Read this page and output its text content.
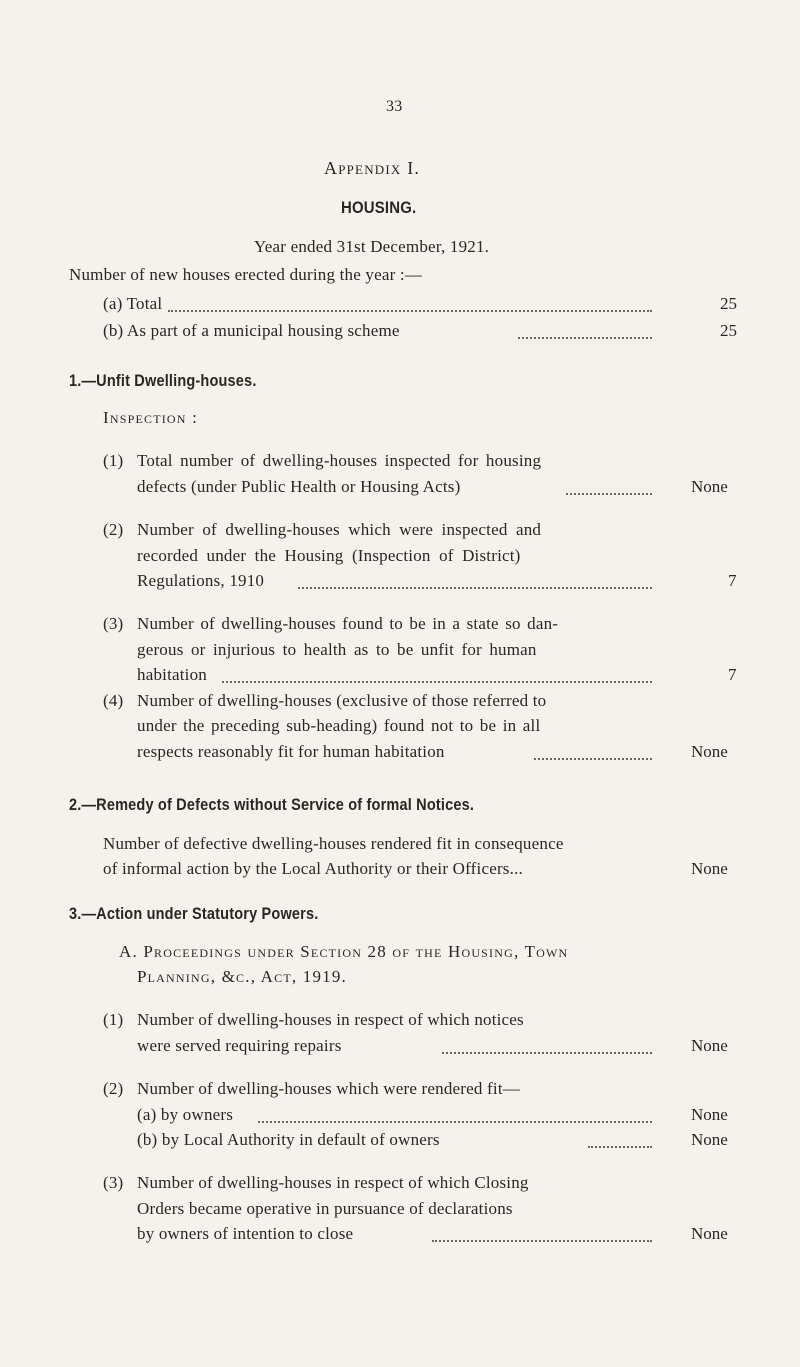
33
Appendix I.
HOUSING.
Year ended 31st December, 1921.
Number of new houses erected during the year :—
(a) Total	25
(b) As part of a municipal housing scheme	25
1.—Unfit Dwelling-houses.
Inspection :
(1) Total number of dwelling-houses inspected for housing
defects (under Public Health or Housing Acts)	None
(2) Number of dwelling-houses which were inspected and
recorded under the Housing (Inspection of District)
Regulations, 1910	7
(3) Number of dwelling-houses found to be in a state so dan-
gerous or injurious to health as to be unfit for human
habitation	7
(4) Number of dwelling-houses (exclusive of those referred to
under the preceding sub-heading) found not to be in all
respects reasonably fit for human habitation	None
2.—Remedy of Defects without Service of formal Notices.
Number of defective dwelling-houses rendered fit in consequence
of informal action by the Local Authority or their Officers...	None
3.—Action under Statutory Powers.
A. Proceedings under Section 28 of the Housing, Town
Planning, &c., Act, 1919.
(1) Number of dwelling-houses in respect of which notices
were served requiring repairs	None
(2) Number of dwelling-houses which were rendered fit—
(a) by owners	None
(b) by Local Authority in default of owners	None
(3) Number of dwelling-houses in respect of which Closing
Orders became operative in pursuance of declarations
by owners of intention to close	None
